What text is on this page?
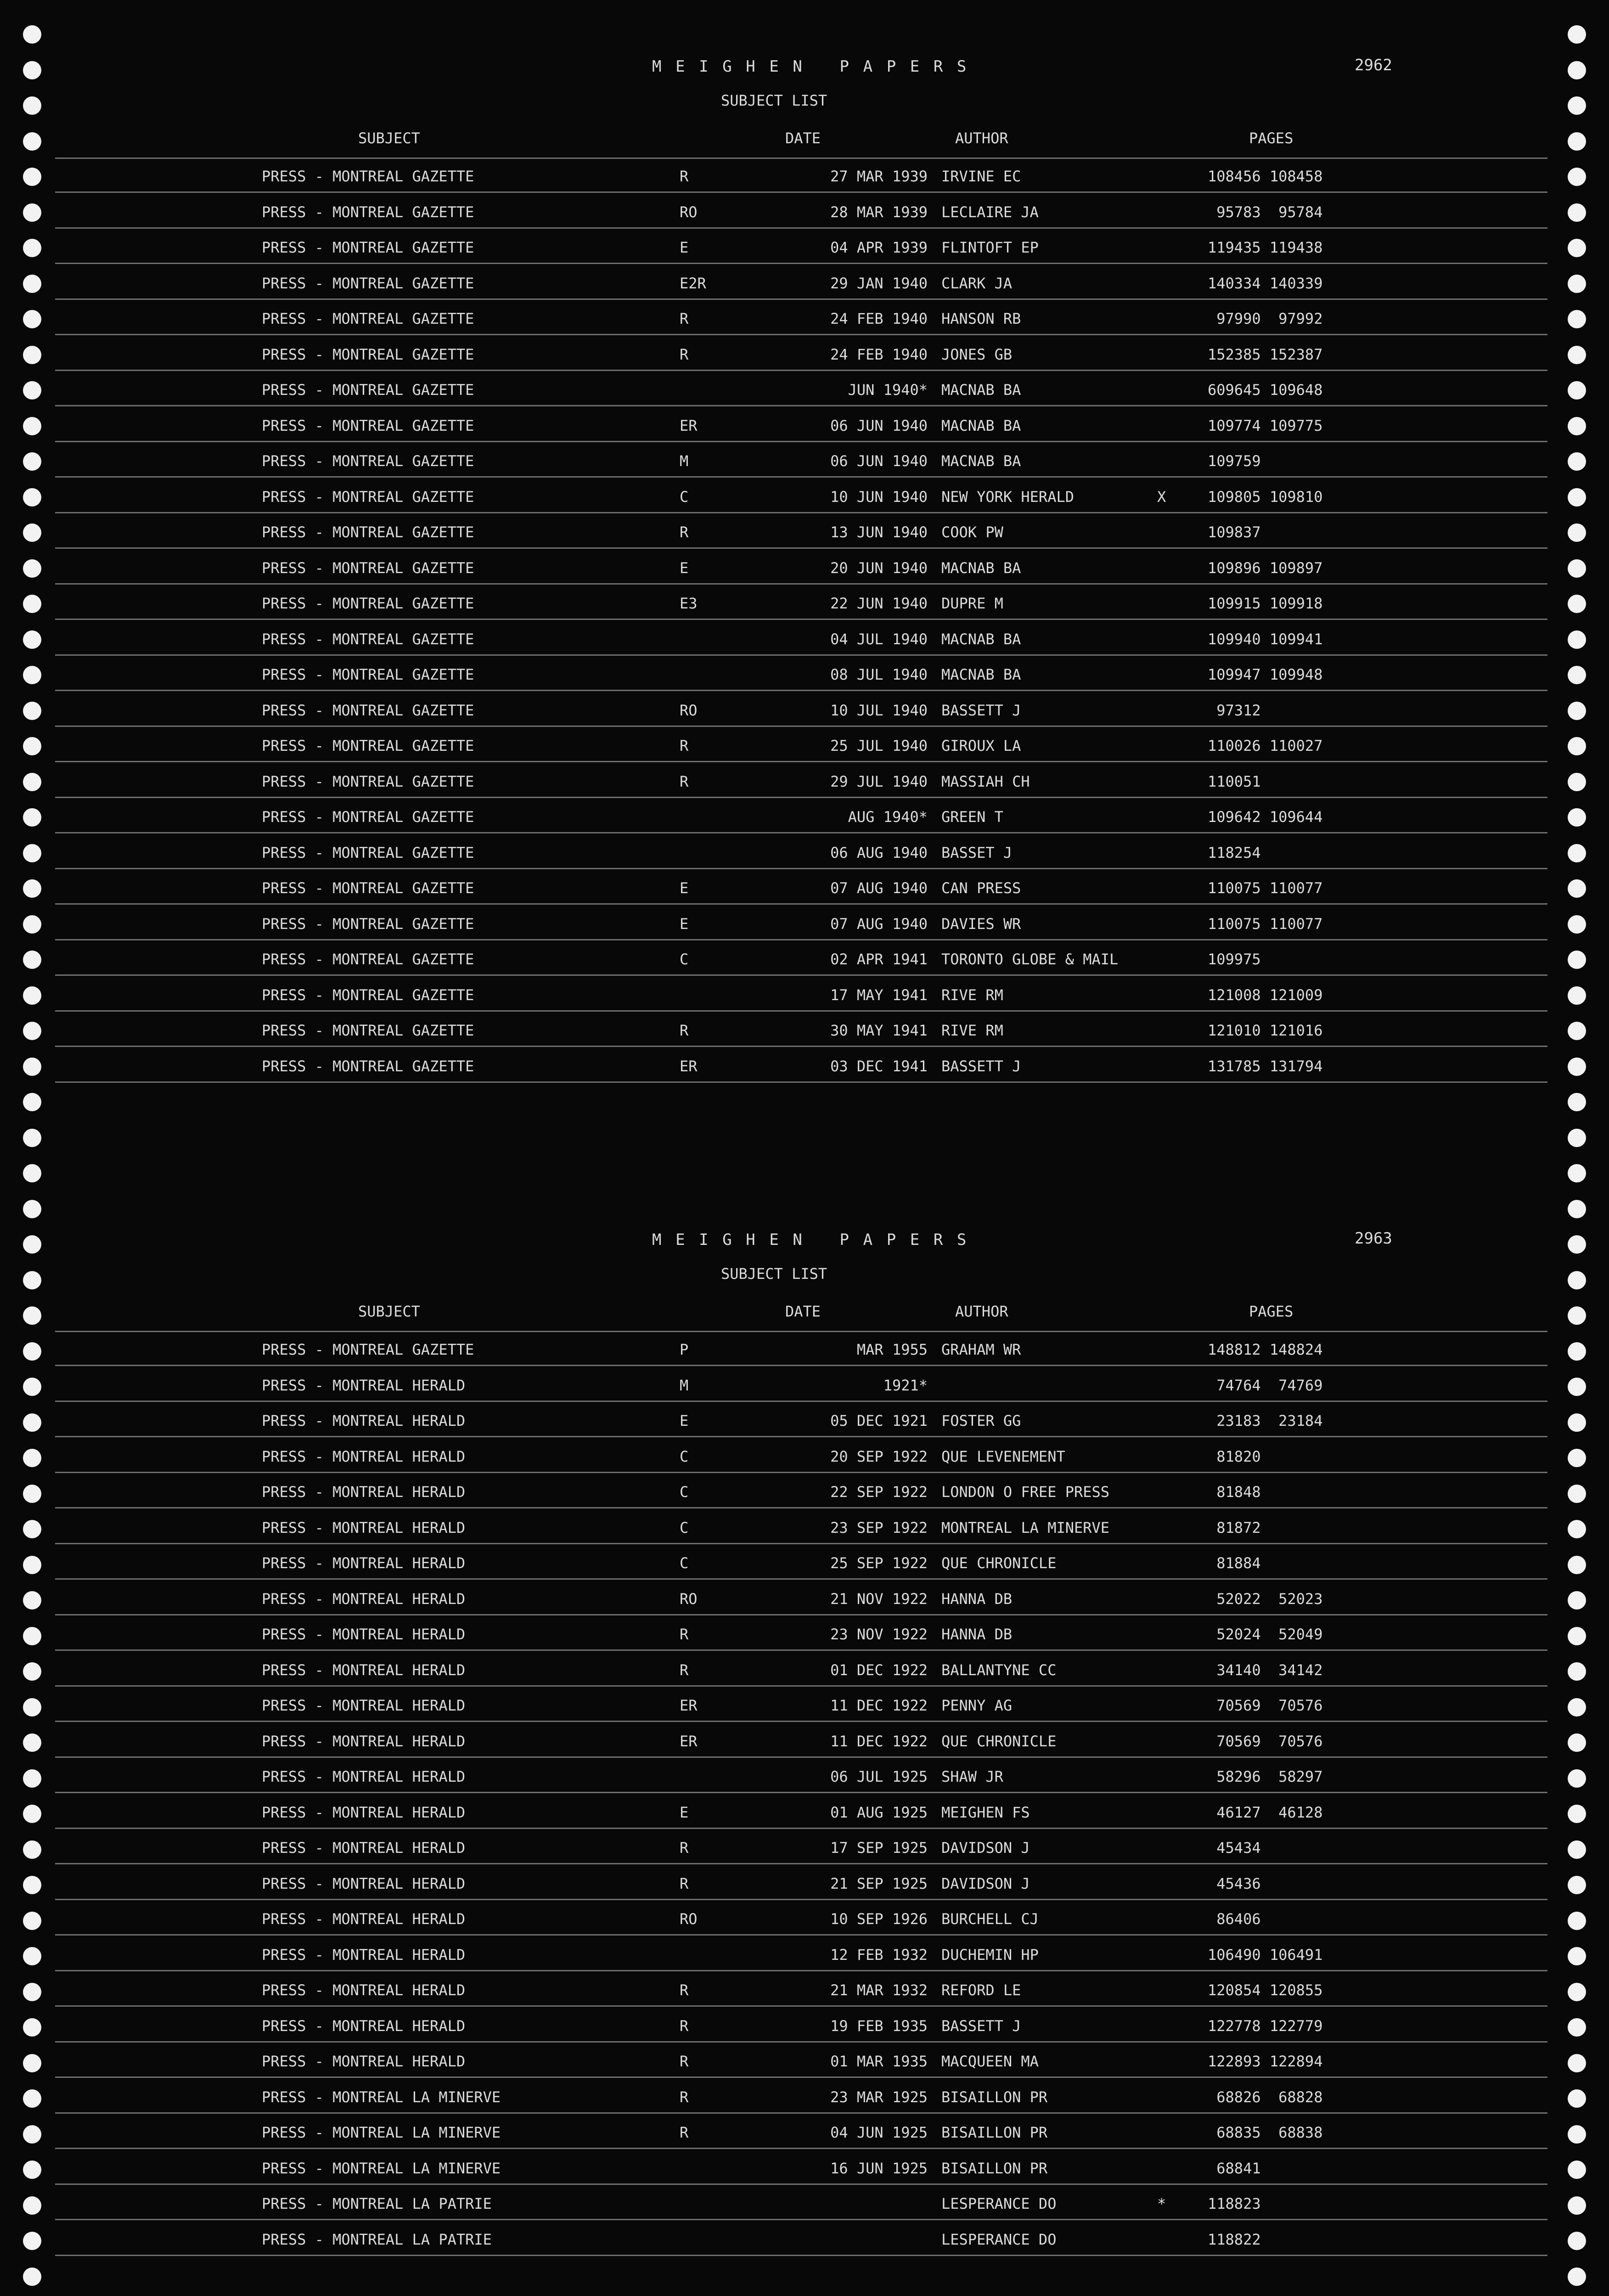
MEIGHEN PAPERS	2962
SUBJECT LIST
SUBJECT	DATE	AUTHOR	PAGES
PRESS - MONTREAL GAZETTE	R	27 MAR 1939 IRVINE EC	108456 108458
PRESS - MONTREAL GAZETTE	RO	28 MAR 1939 LECLAIRE JA	95783  95784
PRESS - MONTREAL GAZETTE	E	04 APR 1939 FLINTOFT EP	119435 119438
PRESS - MONTREAL GAZETTE	E2R	29 JAN 1940 CLARK JA	140334 140339
PRESS - MONTREAL GAZETTE	R	24 FEB 1940 HANSON RB	97990  97992
PRESS - MONTREAL GAZETTE	R	24 FEB 1940 JONES GB	152385 152387
PRESS - MONTREAL GAZETTE	JUN 1940* MACNAB BA	609645 109648
PRESS - MONTREAL GAZETTE	ER	06 JUN 1940 MACNAB BA	109774 109775
PRESS - MONTREAL GAZETTE	M	06 JUN 1940 MACNAB BA	109759
PRESS - MONTREAL GAZETTE	C	10 JUN 1940 NEW YORK HERALD	X	109805 109810
PRESS - MONTREAL GAZETTE	R	13 JUN 1940 COOK PW	109837
PRESS - MONTREAL GAZETTE	E	20 JUN 1940 MACNAB BA	109896 109897
PRESS - MONTREAL GAZETTE	E3	22 JUN 1940 DUPRE M	109915 109918
PRESS - MONTREAL GAZETTE	04 JUL 1940 MACNAB BA	109940 109941
PRESS - MONTREAL GAZETTE	08 JUL 1940 MACNAB BA	109947 109948
PRESS - MONTREAL GAZETTE	RO	10 JUL 1940 BASSETT J	97312
PRESS - MONTREAL GAZETTE	R	25 JUL 1940 GIROUX LA	110026 110027
PRESS - MONTREAL GAZETTE	R	29 JUL 1940 MASSIAH CH	110051
PRESS - MONTREAL GAZETTE	AUG 1940* GREEN T	109642 109644
PRESS - MONTREAL GAZETTE	06 AUG 1940 BASSET J	118254
PRESS - MONTREAL GAZETTE	E	07 AUG 1940 CAN PRESS	110075 110077
PRESS - MONTREAL GAZETTE	E	07 AUG 1940 DAVIES WR	110075 110077
PRESS - MONTREAL GAZETTE	C	02 APR 1941 TORONTO GLOBE & MAIL	109975
PRESS - MONTREAL GAZETTE	17 MAY 1941 RIVE RM	121008 121009
PRESS - MONTREAL GAZETTE	R	30 MAY 1941 RIVE RM	121010 121016
PRESS - MONTREAL GAZETTE	ER	03 DEC 1941 BASSETT J	131785 131794
MEIGHEN PAPERS	2963
SUBJECT LIST
SUBJECT	DATE	AUTHOR	PAGES
PRESS - MONTREAL GAZETTE	P	MAR 1955 GRAHAM WR	148812 148824
PRESS - MONTREAL HERALD	M	1921*	74764  74769
PRESS - MONTREAL HERALD	E	05 DEC 1921 FOSTER GG	23183  23184
PRESS - MONTREAL HERALD	C	20 SEP 1922 QUE LEVENEMENT	81820
PRESS - MONTREAL HERALD	C	22 SEP 1922 LONDON O FREE PRESS	81848
PRESS - MONTREAL HERALD	C	23 SEP 1922 MONTREAL LA MINERVE	81872
PRESS - MONTREAL HERALD	C	25 SEP 1922 QUE CHRONICLE	81884
PRESS - MONTREAL HERALD	RO	21 NOV 1922 HANNA DB	52022  52023
PRESS - MONTREAL HERALD	R	23 NOV 1922 HANNA DB	52024  52049
PRESS - MONTREAL HERALD	R	01 DEC 1922 BALLANTYNE CC	34140  34142
PRESS - MONTREAL HERALD	ER	11 DEC 1922 PENNY AG	70569  70576
PRESS - MONTREAL HERALD	ER	11 DEC 1922 QUE CHRONICLE	70569  70576
PRESS - MONTREAL HERALD	06 JUL 1925 SHAW JR	58296  58297
PRESS - MONTREAL HERALD	E	01 AUG 1925 MEIGHEN FS	46127  46128
PRESS - MONTREAL HERALD	R	17 SEP 1925 DAVIDSON J	45434
PRESS - MONTREAL HERALD	R	21 SEP 1925 DAVIDSON J	45436
PRESS - MONTREAL HERALD	RO	10 SEP 1926 BURCHELL CJ	86406
PRESS - MONTREAL HERALD	12 FEB 1932 DUCHEMIN HP	106490 106491
PRESS - MONTREAL HERALD	R	21 MAR 1932 REFORD LE	120854 120855
PRESS - MONTREAL HERALD	R	19 FEB 1935 BASSETT J	122778 122779
PRESS - MONTREAL HERALD	R	01 MAR 1935 MACQUEEN MA	122893 122894
PRESS - MONTREAL LA MINERVE	R	23 MAR 1925 BISAILLON PR	68826  68828
PRESS - MONTREAL LA MINERVE	R	04 JUN 1925 BISAILLON PR	68835  68838
PRESS - MONTREAL LA MINERVE	16 JUN 1925 BISAILLON PR	68841
PRESS - MONTREAL LA PATRIE	LESPERANCE DO	*	118823
PRESS - MONTREAL LA PATRIE	LESPERANCE DO	118822
